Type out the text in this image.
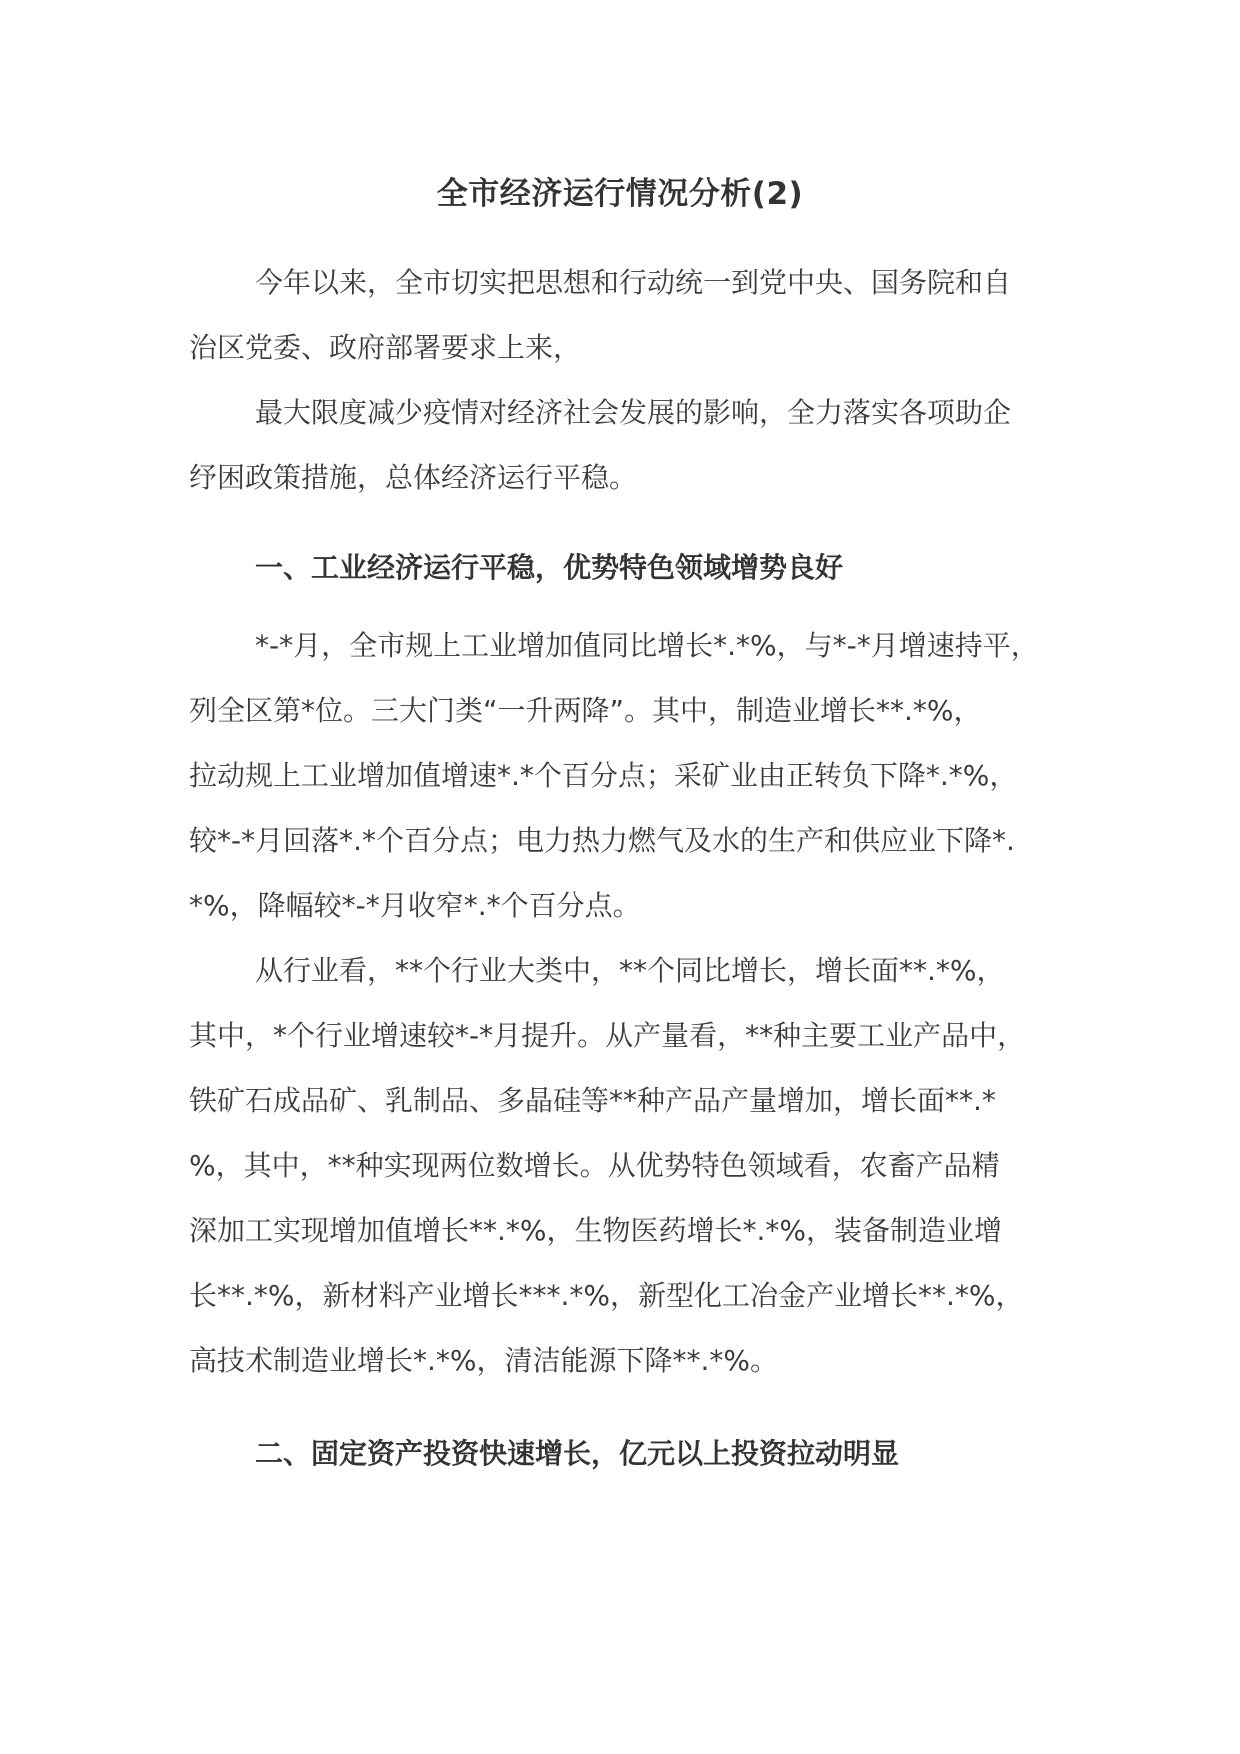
全市经济运行情况分析(2)

今年以来，全市切实把思想和行动统一到党中央、国务院和自
治区党委、政府部署要求上来，

最大限度减少疫情对经济社会发展的影响，全力落实各项助企
纾困政策措施，总体经济运行平稳。

一、工业经济运行平稳，优势特色领域增势良好

*-*月，全市规上工业增加值同比增长*.*%，与*-*月增速持平，
列全区第*位。三大门类“一升两降”。其中，制造业增长**.*%，
拉动规上工业增加值增速*.*个百分点；采矿业由正转负下降*.*%，
较*-*月回落*.*个百分点；电力热力燃气及水的生产和供应业下降*.
*%，降幅较*-*月收窄*.*个百分点。

从行业看，**个行业大类中，**个同比增长，增长面**.*%，
其中，*个行业增速较*-*月提升。从产量看，**种主要工业产品中，
铁矿石成品矿、乳制品、多晶硅等**种产品产量增加，增长面**.*
%，其中，**种实现两位数增长。从优势特色领域看，农畜产品精
深加工实现增加值增长**.*%，生物医药增长*.*%，装备制造业增
长**.*%，新材料产业增长***.*%，新型化工冶金产业增长**.*%，
高技术制造业增长*.*%，清洁能源下降**.*%。

二、固定资产投资快速增长，亿元以上投资拉动明显
